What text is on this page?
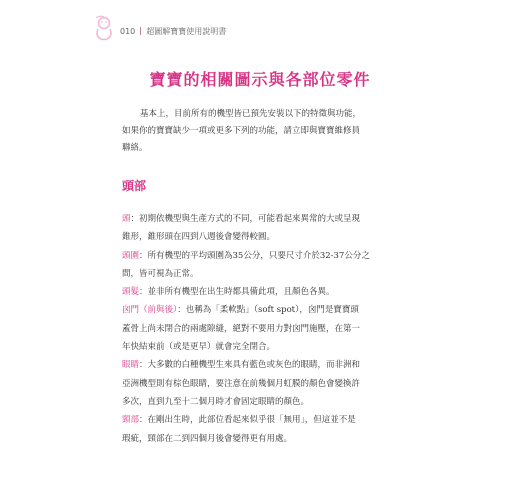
010 超圖解寶寶使用說明書
寶寶的相關圖示與各部位零件

基本上，目前所有的機型皆已預先安裝以下的特徵與功能，
如果你的寶寶缺少一項或更多下列的功能，請立即與寶寶維修員
聯絡。

頭部
頭：初期依機型與生產方式的不同，可能看起來異常的大或呈現
錐形，錐形頭在四到八週後會變得較圓。
頭圍：所有機型的平均頭圍為35公分，只要尺寸介於32-37公分之
間，皆可視為正常。
頭髮：並非所有機型在出生時都具備此項，且顏色各異。
囟門（前與後）：也稱為「柔軟點」（soft spot），囟門是寶寶頭
蓋骨上尚未閉合的兩處隙縫，絕對不要用力對囟門施壓，在第一
年快結束前（或是更早）就會完全閉合。
眼睛：大多數的白種機型生來具有藍色或灰色的眼睛，而非洲和
亞洲機型則有棕色眼睛，要注意在前幾個月虹膜的顏色會變換許
多次，直到九至十二個月時才會固定眼睛的顏色。
頸部：在剛出生時，此部位看起來似乎很「無用」，但這並不是
瑕疵，頸部在二到四個月後會變得更有用處。
